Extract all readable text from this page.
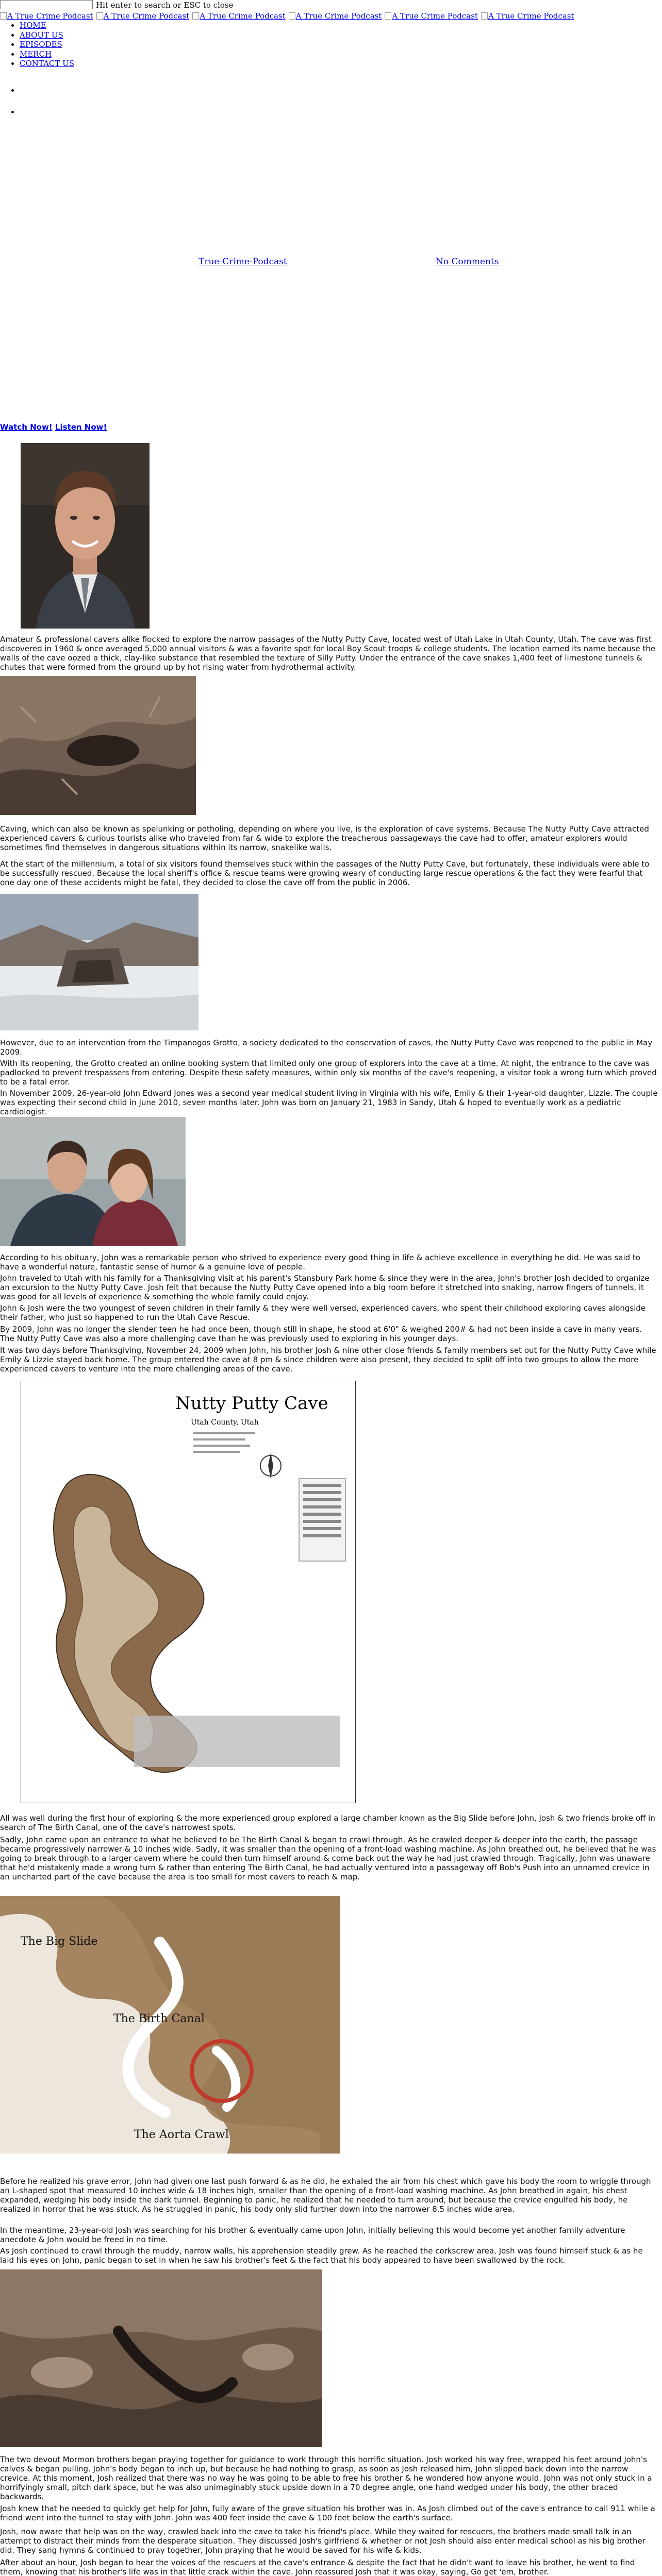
Hit enter to search or ESC to close
A True Crime Podcast A True Crime Podcast A True Crime Podcast A True Crime Podcast A True Crime Podcast A True Crime Podcast
• HOME
• ABOUT US
• EPISODES
• MERCH
• CONTACT US
True-Crime-Podcast	No Comments
Watch Now! Listen Now!

Amateur & professional cavers alike flocked to explore the narrow passages of the Nutty Putty Cave, located west of Utah Lake in Utah County, Utah. The cave was first discovered in 1960 & once averaged 5,000 annual visitors & was a favorite spot for local Boy Scout troops & college students. The location earned its name because the walls of the cave oozed a thick, clay-like substance that resembled the texture of Silly Putty. Under the entrance of the cave snakes 1,400 feet of limestone tunnels & chutes that were formed from the ground up by hot rising water from hydrothermal activity.

Caving, which can also be known as spelunking or potholing, depending on where you live, is the exploration of cave systems. Because The Nutty Putty Cave attracted experienced cavers & curious tourists alike who traveled from far & wide to explore the treacherous passageways the cave had to offer, amateur explorers would sometimes find themselves in dangerous situations within its narrow, snakelike walls.

At the start of the millennium, a total of six visitors found themselves stuck within the passages of the Nutty Putty Cave, but fortunately, these individuals were able to be successfully rescued. Because the local sheriff's office & rescue teams were growing weary of conducting large rescue operations & the fact they were fearful that one day one of these accidents might be fatal, they decided to close the cave off from the public in 2006.

However, due to an intervention from the Timpanogos Grotto, a society dedicated to the conservation of caves, the Nutty Putty Cave was reopened to the public in May 2009.

With its reopening, the Grotto created an online booking system that limited only one group of explorers into the cave at a time. At night, the entrance to the cave was padlocked to prevent trespassers from entering. Despite these safety measures, within only six months of the cave's reopening, a visitor took a wrong turn which proved to be a fatal error.

In November 2009, 26-year-old John Edward Jones was a second year medical student living in Virginia with his wife, Emily & their 1-year-old daughter, Lizzie. The couple was expecting their second child in June 2010, seven months later. John was born on January 21, 1983 in Sandy, Utah & hoped to eventually work as a pediatric cardiologist.

According to his obituary, John was a remarkable person who strived to experience every good thing in life & achieve excellence in everything he did. He was said to have a wonderful nature, fantastic sense of humor & a genuine love of people.

John traveled to Utah with his family for a Thanksgiving visit at his parent's Stansbury Park home & since they were in the area, John's brother Josh decided to organize an excursion to the Nutty Putty Cave. Josh felt that because the Nutty Putty Cave opened into a big room before it stretched into snaking, narrow fingers of tunnels, it was good for all levels of experience & something the whole family could enjoy.

John & Josh were the two youngest of seven children in their family & they were well versed, experienced cavers, who spent their childhood exploring caves alongside their father, who just so happened to run the Utah Cave Rescue.

By 2009, John was no longer the slender teen he had once been, though still in shape, he stood at 6'0" & weighed 200# & had not been inside a cave in many years. The Nutty Putty Cave was also a more challenging cave than he was previously used to exploring in his younger days.

It was two days before Thanksgiving, November 24, 2009 when John, his brother Josh & nine other close friends & family members set out for the Nutty Putty Cave while Emily & Lizzie stayed back home. The group entered the cave at 8 pm & since children were also present, they decided to split off into two groups to allow the more experienced cavers to venture into the more challenging areas of the cave.

Nutty Putty Cave
Utah County, Utah

All was well during the first hour of exploring & the more experienced group explored a large chamber known as the Big Slide before John, Josh & two friends broke off in search of The Birth Canal, one of the cave's narrowest spots.

Sadly, John came upon an entrance to what he believed to be The Birth Canal & began to crawl through. As he crawled deeper & deeper into the earth, the passage became progressively narrower & 10 inches wide. Sadly, it was smaller than the opening of a front-load washing machine. As John breathed out, he believed that he was going to break through to a larger cavern where he could then turn himself around & come back out the way he had just crawled through. Tragically, John was unaware that he'd mistakenly made a wrong turn & rather than entering The Birth Canal, he had actually ventured into a passageway off Bob's Push into an unnamed crevice in an uncharted part of the cave because the area is too small for most cavers to reach & map.

The Big Slide
The Birth Canal
The Aorta Crawl

Before he realized his grave error, John had given one last push forward & as he did, he exhaled the air from his chest which gave his body the room to wriggle through an L-shaped spot that measured 10 inches wide & 18 inches high, smaller than the opening of a front-load washing machine. As John breathed in again, his chest expanded, wedging his body inside the dark tunnel. Beginning to panic, he realized that he needed to turn around, but because the crevice engulfed his body, he realized in horror that he was stuck. As he struggled in panic, his body only slid further down into the narrower 8.5 inches wide area.

In the meantime, 23-year-old Josh was searching for his brother & eventually came upon John, initially believing this would become yet another family adventure anecdote & John would be freed in no time.

As Josh continued to crawl through the muddy, narrow walls, his apprehension steadily grew. As he reached the corkscrew area, Josh was found himself stuck & as he laid his eyes on John, panic began to set in when he saw his brother's feet & the fact that his body appeared to have been swallowed by the rock.

The two devout Mormon brothers began praying together for guidance to work through this horrific situation. Josh worked his way free, wrapped his feet around John's calves & began pulling. John's body began to inch up, but because he had nothing to grasp, as soon as Josh released him, John slipped back down into the narrow crevice. At this moment, Josh realized that there was no way he was going to be able to free his brother & he wondered how anyone would. John was not only stuck in a horrifyingly small, pitch dark space, but he was also unimaginably stuck upside down in a 70 degree angle, one hand wedged under his body, the other braced backwards.

Josh knew that he needed to quickly get help for John, fully aware of the grave situation his brother was in. As Josh climbed out of the cave's entrance to call 911 while a friend went into the tunnel to stay with John. John was 400 feet inside the cave & 100 feet below the earth's surface.

Josh, now aware that help was on the way, crawled back into the cave to take his friend's place. While they waited for rescuers, the brothers made small talk in an attempt to distract their minds from the desperate situation. They discussed Josh's girlfriend & whether or not Josh should also enter medical school as his big brother did. They sang hymns & continued to pray together, John praying that he would be saved for his wife & kids.

After about an hour, Josh began to hear the voices of the rescuers at the cave's entrance & despite the fact that he didn't want to leave his brother, he went to find them, knowing that his brother's life was in that little crack within the cave. John reassured Josh that it was okay, saying, Go get 'em, brother.
